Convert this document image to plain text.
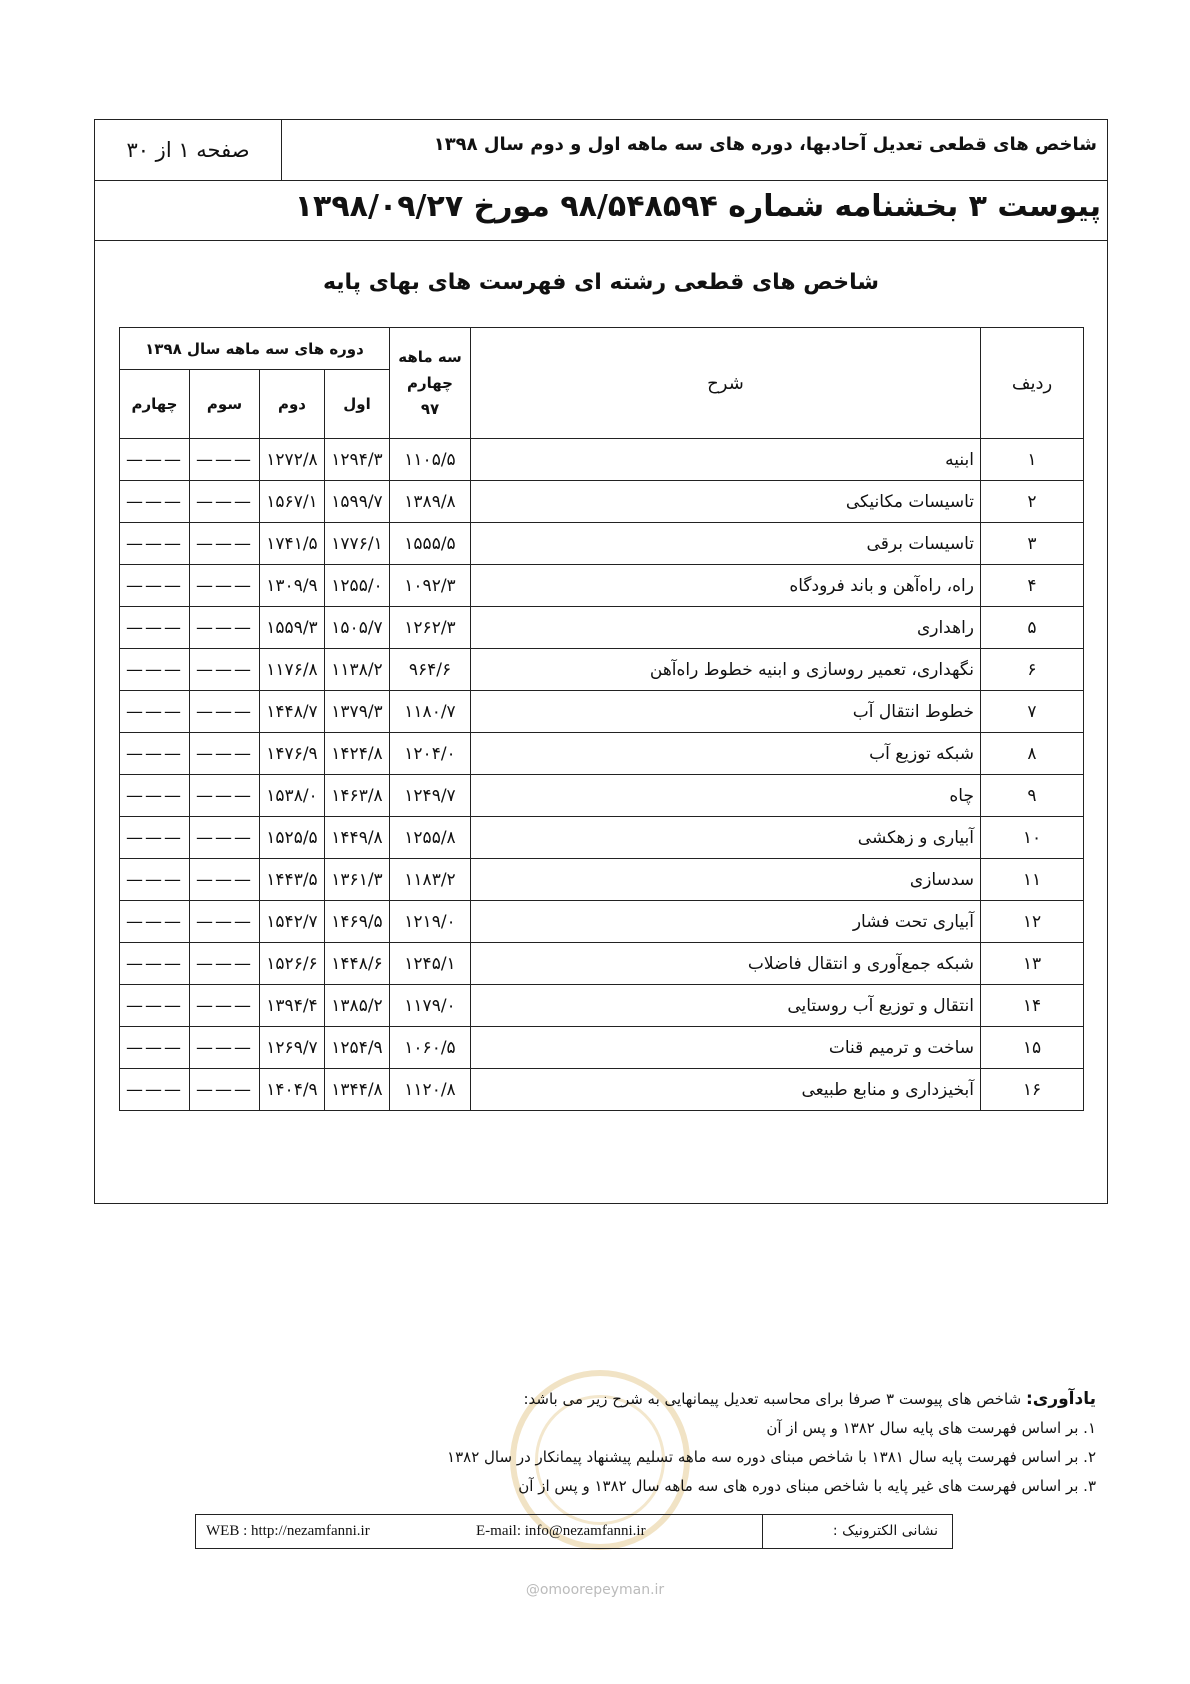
شاخص های قطعی تعدیل آحادبها، دوره های سه ماهه اول و دوم سال ۱۳۹۸
صفحه ۱ از ۳۰
پیوست ۳ بخشنامه شماره ۹۸/۵۴۸۵۹۴ مورخ ۱۳۹۸/۰۹/۲۷
شاخص های قطعی رشته ای فهرست های بهای پایه
ردیف	شرح	سه ماهه چهارم ۹۷	دوره های سه ماهه سال ۱۳۹۸			
			اول	دوم	سوم	چهارم
۱	ابنیه	۱۱۰۵/۵	۱۲۹۴/۳	۱۲۷۲/۸	———	———
۲	تاسیسات مکانیکی	۱۳۸۹/۸	۱۵۹۹/۷	۱۵۶۷/۱	———	———
۳	تاسیسات برقی	۱۵۵۵/۵	۱۷۷۶/۱	۱۷۴۱/۵	———	———
۴	راه، راه‌آهن و باند فرودگاه	۱۰۹۲/۳	۱۲۵۵/۰	۱۳۰۹/۹	———	———
۵	راهداری	۱۲۶۲/۳	۱۵۰۵/۷	۱۵۵۹/۳	———	———
۶	نگهداری، تعمیر روسازی و ابنیه خطوط راه‌آهن	۹۶۴/۶	۱۱۳۸/۲	۱۱۷۶/۸	———	———
۷	خطوط انتقال آب	۱۱۸۰/۷	۱۳۷۹/۳	۱۴۴۸/۷	———	———
۸	شبکه توزیع آب	۱۲۰۴/۰	۱۴۲۴/۸	۱۴۷۶/۹	———	———
۹	چاه	۱۲۴۹/۷	۱۴۶۳/۸	۱۵۳۸/۰	———	———
۱۰	آبیاری و زهکشی	۱۲۵۵/۸	۱۴۴۹/۸	۱۵۲۵/۵	———	———
۱۱	سدسازی	۱۱۸۳/۲	۱۳۶۱/۳	۱۴۴۳/۵	———	———
۱۲	آبیاری تحت فشار	۱۲۱۹/۰	۱۴۶۹/۵	۱۵۴۲/۷	———	———
۱۳	شبکه جمع‌آوری و انتقال فاضلاب	۱۲۴۵/۱	۱۴۴۸/۶	۱۵۲۶/۶	———	———
۱۴	انتقال و توزیع آب روستایی	۱۱۷۹/۰	۱۳۸۵/۲	۱۳۹۴/۴	———	———
۱۵	ساخت و ترمیم قنات	۱۰۶۰/۵	۱۲۵۴/۹	۱۲۶۹/۷	———	———
۱۶	آبخیزداری و منابع طبیعی	۱۱۲۰/۸	۱۳۴۴/۸	۱۴۰۴/۹	———	———
یادآوری: شاخص های پیوست ۳ صرفا برای محاسبه تعدیل پیمانهایی به شرح زیر می باشد:
۱. بر اساس فهرست های پایه سال ۱۳۸۲ و پس از آن
۲. بر اساس فهرست پایه سال ۱۳۸۱ با شاخص مبنای دوره سه ماهه تسلیم پیشنهاد پیمانکار در سال ۱۳۸۲
۳. بر اساس فهرست های غیر پایه با شاخص مبنای دوره های سه ماهه سال ۱۳۸۲ و پس از آن
نشانی الکترونیک :
E-mail: info@nezamfanni.ir
WEB : http://nezamfanni.ir
@omoorepeyman.ir
